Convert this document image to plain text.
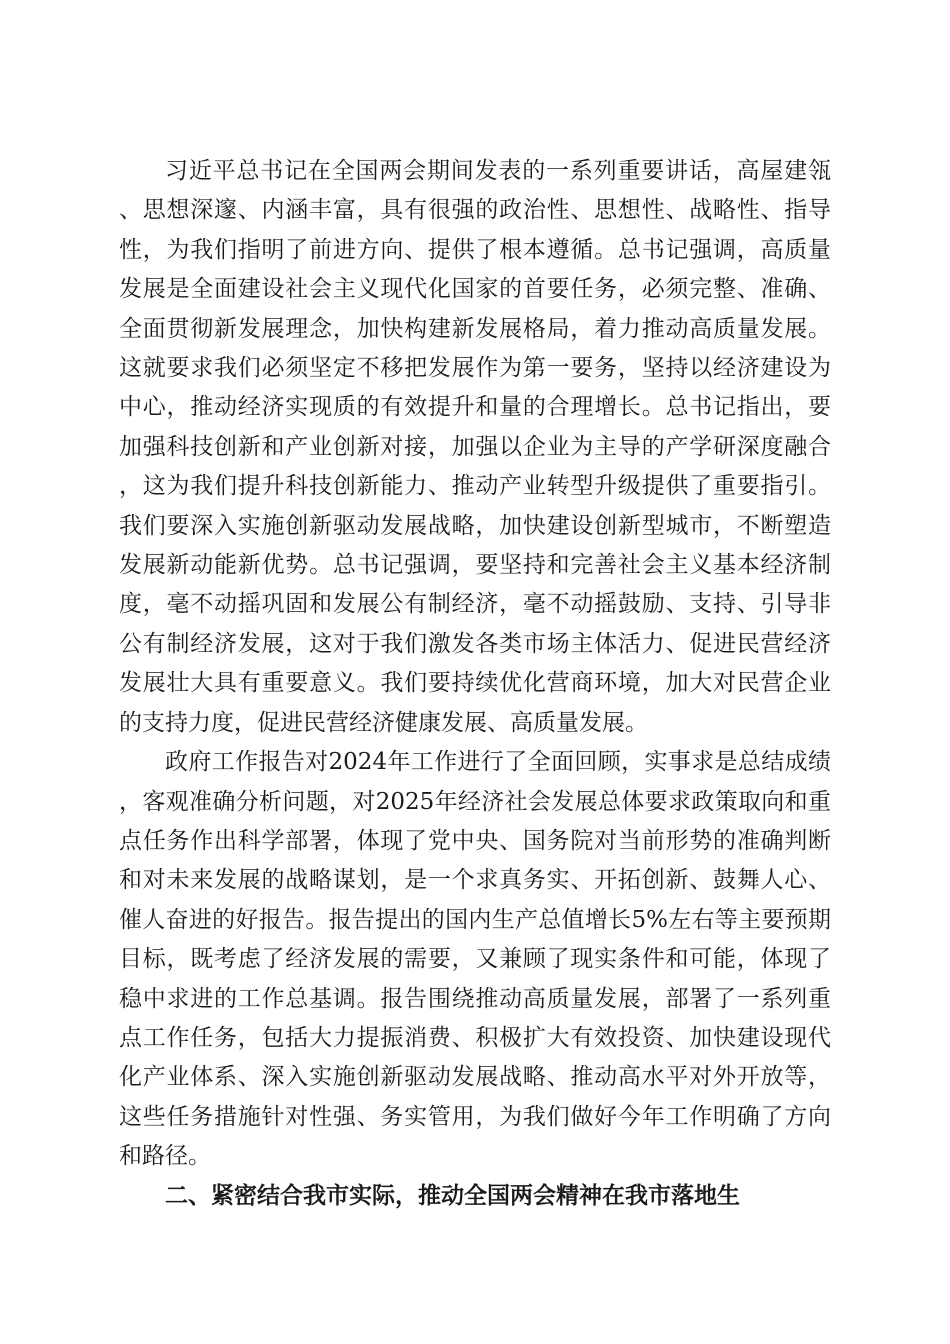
习近平总书记在全国两会期间发表的一系列重要讲话，高屋建瓴、思想深邃、内涵丰富，具有很强的政治性、思想性、战略性、指导性，为我们指明了前进方向、提供了根本遵循。总书记强调，高质量发展是全面建设社会主义现代化国家的首要任务，必须完整、准确、全面贯彻新发展理念，加快构建新发展格局，着力推动高质量发展。这就要求我们必须坚定不移把发展作为第一要务，坚持以经济建设为中心，推动经济实现质的有效提升和量的合理增长。总书记指出，要加强科技创新和产业创新对接，加强以企业为主导的产学研深度融合，这为我们提升科技创新能力、推动产业转型升级提供了重要指引。我们要深入实施创新驱动发展战略，加快建设创新型城市，不断塑造发展新动能新优势。总书记强调，要坚持和完善社会主义基本经济制度，毫不动摇巩固和发展公有制经济，毫不动摇鼓励、支持、引导非公有制经济发展，这对于我们激发各类市场主体活力、促进民营经济发展壮大具有重要意义。我们要持续优化营商环境，加大对民营企业的支持力度，促进民营经济健康发展、高质量发展。

政府工作报告对2024年工作进行了全面回顾，实事求是总结成绩，客观准确分析问题，对2025年经济社会发展总体要求政策取向和重点任务作出科学部署，体现了党中央、国务院对当前形势的准确判断和对未来发展的战略谋划，是一个求真务实、开拓创新、鼓舞人心、催人奋进的好报告。报告提出的国内生产总值增长5%左右等主要预期目标，既考虑了经济发展的需要，又兼顾了现实条件和可能，体现了稳中求进的工作总基调。报告围绕推动高质量发展，部署了一系列重点工作任务，包括大力提振消费、积极扩大有效投资、加快建设现代化产业体系、深入实施创新驱动发展战略、推动高水平对外开放等，这些任务措施针对性强、务实管用，为我们做好今年工作明确了方向和路径。

二、紧密结合我市实际，推动全国两会精神在我市落地生
